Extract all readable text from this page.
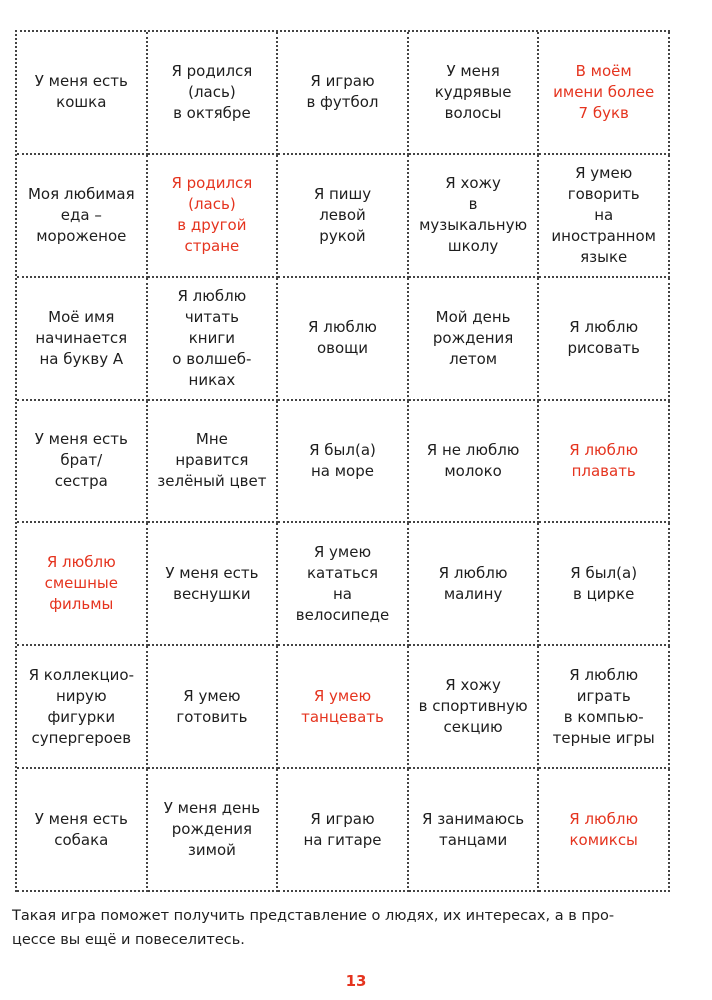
У меня есть
кошка
Я родился
(лась)
в октябре
Я играю
в футбол
У меня
кудрявые
волосы
В моём
имени более
7 букв
Моя любимая
еда –
мороженое
Я родился
(лась)
в другой
стране
Я пишу
левой
рукой
Я хожу
в
музыкальную
школу
Я умею
говорить
на
иностранном
языке
Моё имя
начинается
на букву А
Я люблю
читать
книги
о волшеб-
никах
Я люблю
овощи
Мой день
рождения
летом
Я люблю
рисовать
У меня есть
брат/
сестра
Мне
нравится
зелёный цвет
Я был(а)
на море
Я не люблю
молоко
Я люблю
плавать
Я люблю
смешные
фильмы
У меня есть
веснушки
Я умею
кататься
на
велосипеде
Я люблю
малину
Я был(а)
в цирке
Я коллекцио-
нирую
фигурки
супергероев
Я умею
готовить
Я умею
танцевать
Я хожу
в спортивную
секцию
Я люблю играть
в компью-
терные игры
У меня есть
собака
У меня день
рождения
зимой
Я играю
на гитаре
Я занимаюсь
танцами
Я люблю
комиксы
Такая игра поможет получить представление о людях, их интересах, а в про-
цессе вы ещё и повеселитесь.
13
